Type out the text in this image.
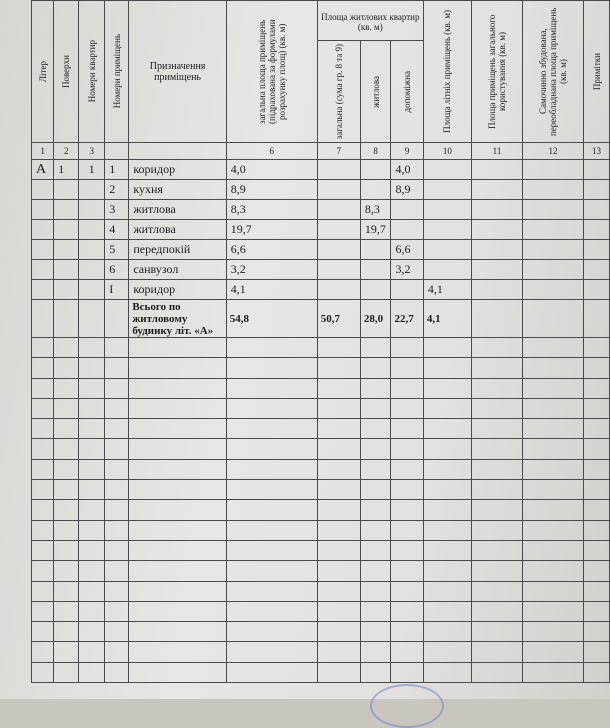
Літер	Поверхи	Номери квартир	Номери приміщень	Призначення приміщень	загальна площа приміщень (підрахована за формулами розрахунку площ) (кв. м)	Площа житлових квартир (кв. м)			Площа літніх приміщень (кв. м)	Площа приміщень загального користування (кв. м)	Самочинно збудована, переобладнана площа приміщень (кв. м)	Примітки

						загальна (сума гр. 8 та 9)	житлова	допоміжна				

1	2	3			6	7	8	9	10	11	12	13
А	1	1	1	коридор	4,0			4,0				
			2	кухня	8,9			8,9				
			3	житлова	8,3		8,3					
			4	житлова	19,7		19,7					
			5	передпокій	6,6			6,6				
			6	санвузол	3,2			3,2				
			I	коридор	4,1				4,1			
				Всього по житловому будинку літ. «А»	54,8	50,7	28,0	22,7	4,1			
